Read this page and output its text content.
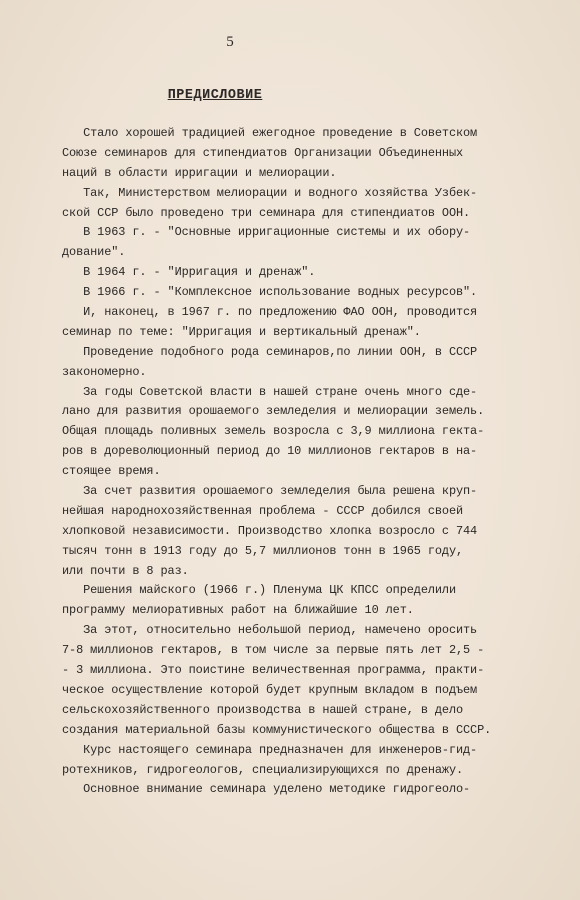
5
ПРЕДИСЛОВИЕ
Стало хорошей традицией ежегодное проведение в Советском
Союзе семинаров для стипендиатов Организации Объединенных
наций в области ирригации и мелиорации.
Так, Министерством мелиорации и водного хозяйства Узбек-
ской ССР было проведено три семинара для стипендиатов ООН.
В 1963 г. - "Основные ирригационные системы и их обору-
дование".
В 1964 г. - "Ирригация и дренаж".
В 1966 г. - "Комплексное использование водных ресурсов".
И, наконец, в 1967 г. по предложению ФАО ООН, проводится
семинар по теме: "Ирригация и вертикальный дренаж".
Проведение подобного рода семинаров,по линии ООН, в СССР
закономерно.
За годы Советской власти в нашей стране очень много сде-
лано для развития орошаемого земледелия и мелиорации земель.
Общая площадь поливных земель возросла с 3,9 миллиона гекта-
ров в дореволюционный период до 10 миллионов гектаров в на-
стоящее время.
За счет развития орошаемого земледелия была решена круп-
нейшая народнохозяйственная проблема - СССР добился своей
хлопковой независимости. Производство хлопка возросло с 744
тысяч тонн в 1913 году до 5,7 миллионов тонн в 1965 году,
или почти в 8 раз.
Решения майского (1966 г.) Пленума ЦК КПСС определили
программу мелиоративных работ на ближайшие 10 лет.
За этот, относительно небольшой период, намечено оросить
7-8 миллионов гектаров, в том числе за первые пять лет 2,5 -
- 3 миллиона. Это поистине величественная программа, практи-
ческое осуществление которой будет крупным вкладом в подъем
сельскохозяйственного производства в нашей стране, в дело
создания материальной базы коммунистического общества в СССР.
Курс настоящего семинара предназначен для инженеров-гид-
ротехников, гидрогеологов, специализирующихся по дренажу.
Основное внимание семинара уделено методике гидрогеоло-
